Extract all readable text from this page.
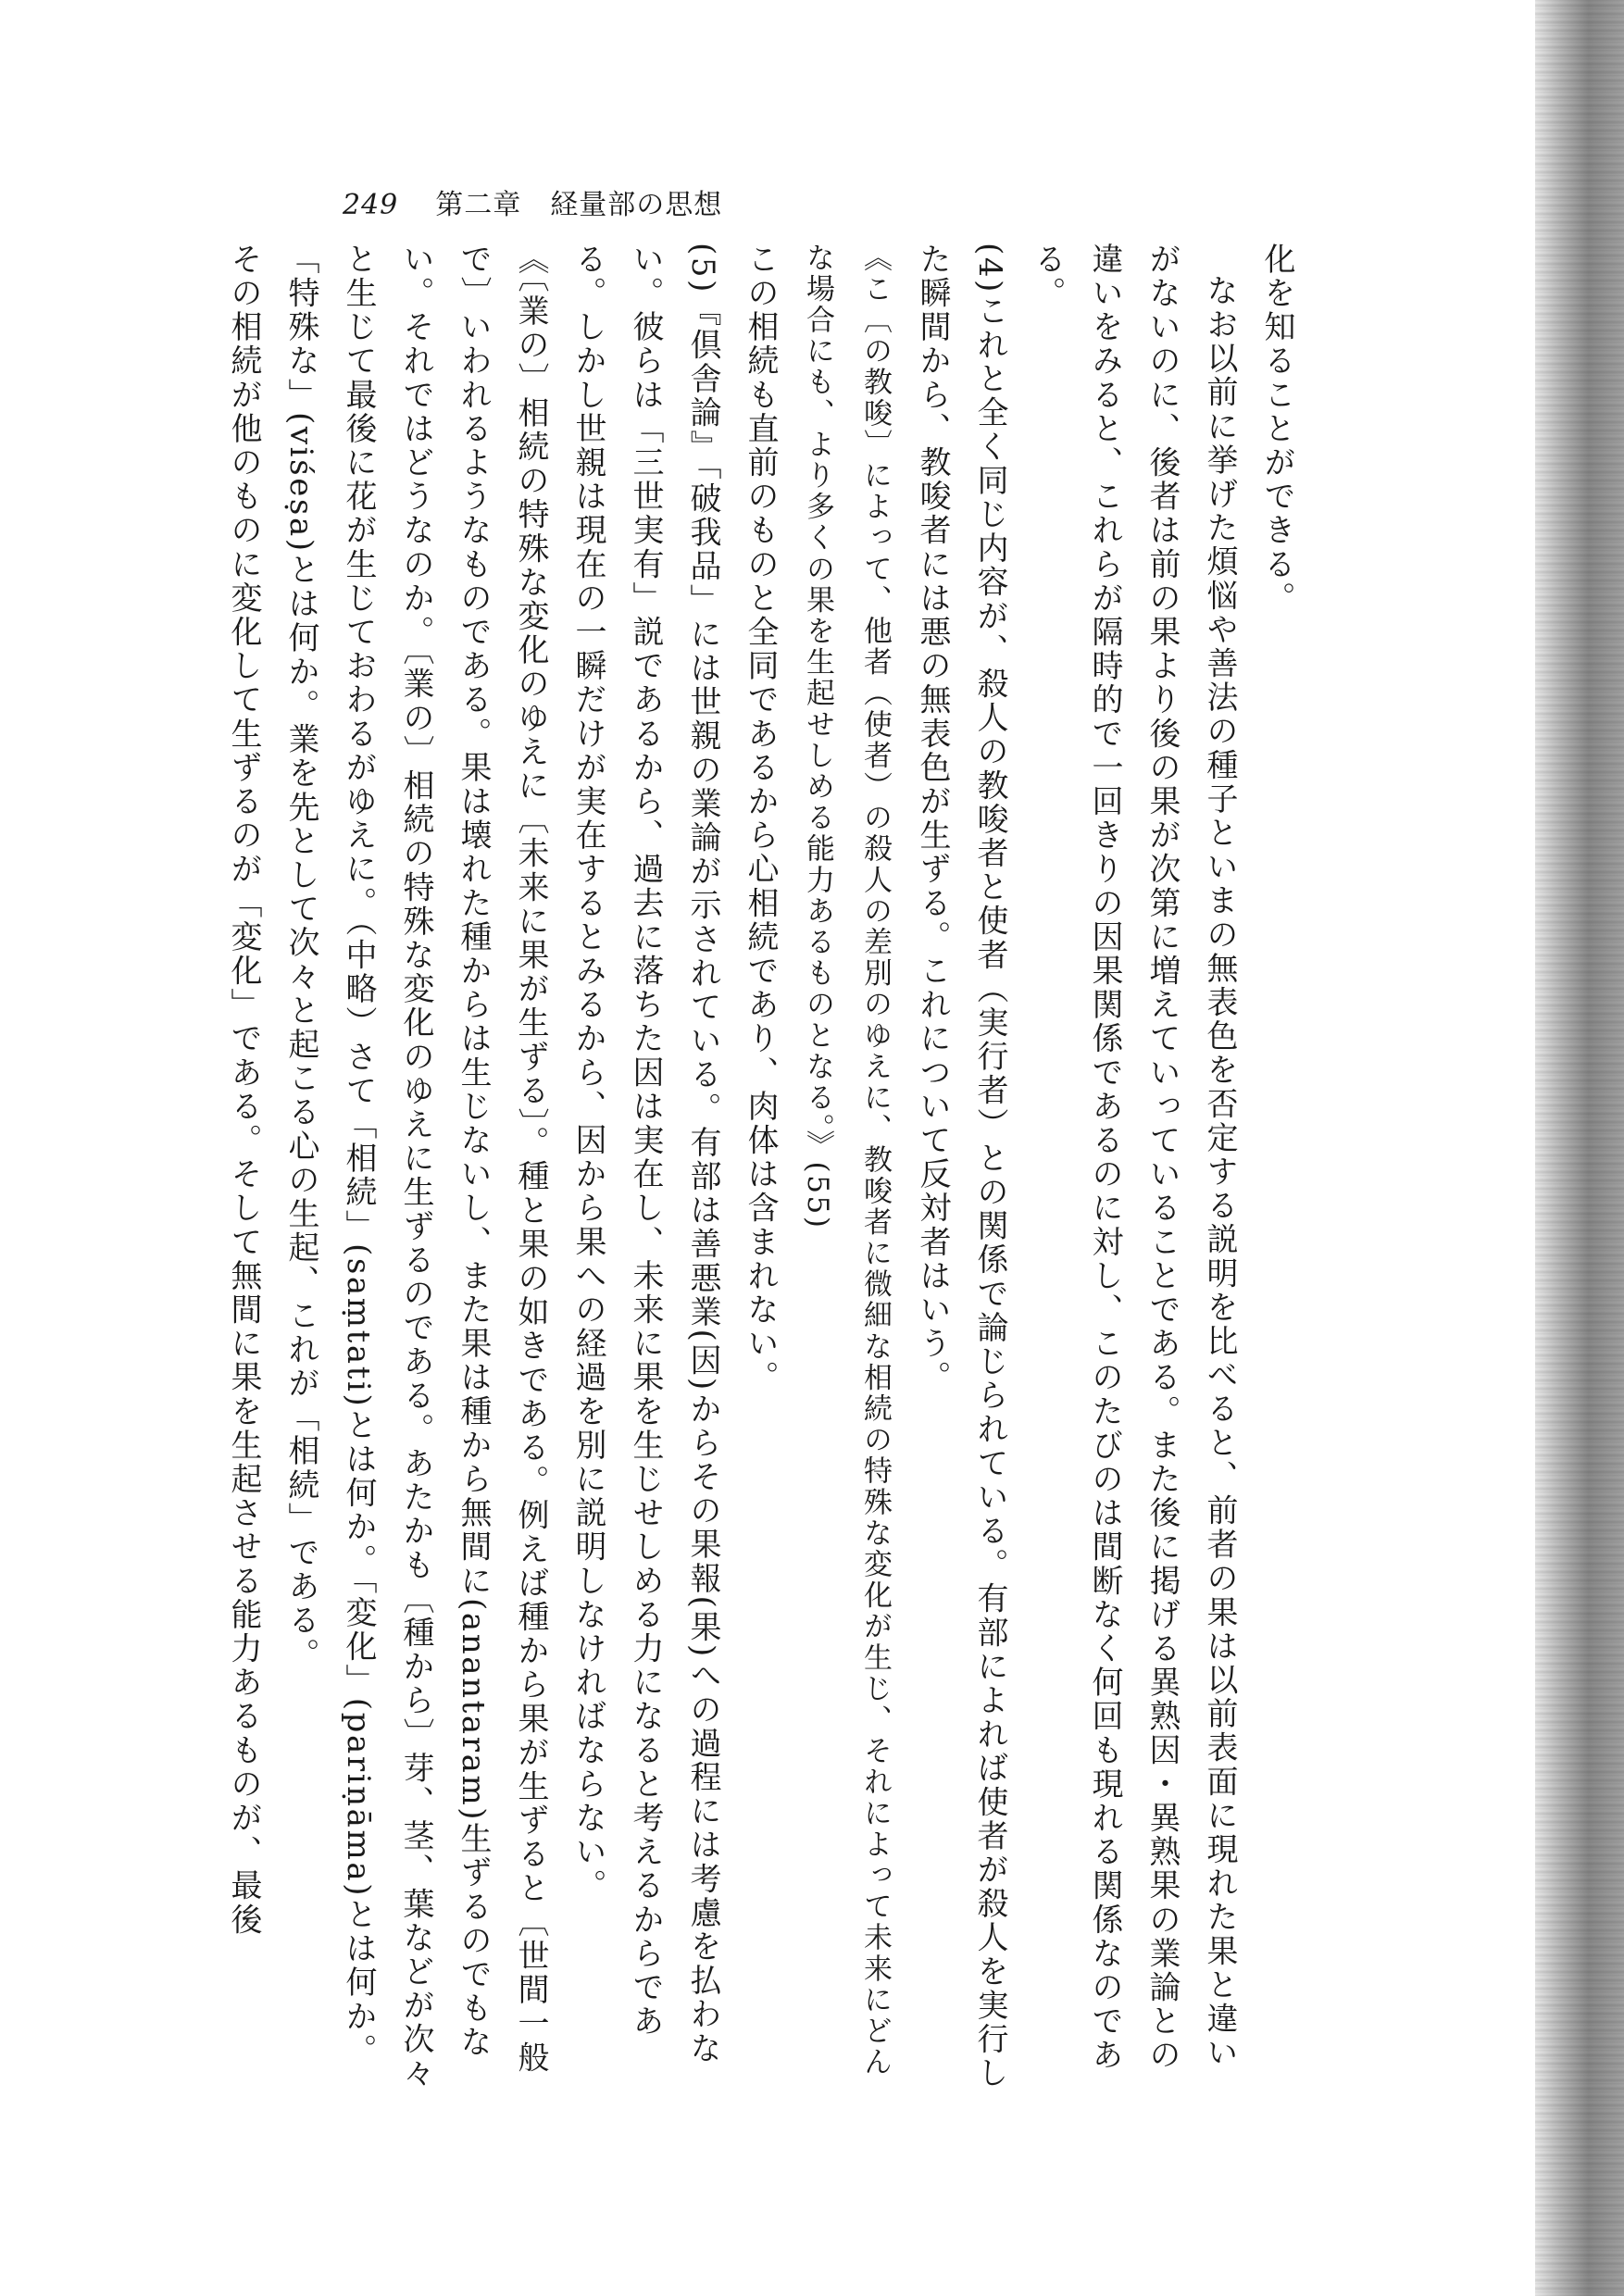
249 第二章　経量部の思想

化を知ることができる。

なお以前に挙げた煩悩や善法の種子といまの無表色を否定する説明を比べると、前者の果は以前表面に現れた果と違いがないのに、後者は前の果より後の果が次第に増えていっていることである。また後に掲げる異熟因・異熟果の業論との違いをみると、これらが隔時的で一回きりの因果関係であるのに対し、このたびのは間断なく何回も現れる関係なのである。

(4)これと全く同じ内容が、殺人の教唆者と使者（実行者）との関係で論じられている。有部によれば使者が殺人を実行した瞬間から、教唆者には悪の無表色が生ずる。これについて反対者はいう。

《こ〔の教唆〕によって、他者（使者）の殺人の差別のゆえに、教唆者に微細な相続の特殊な変化が生じ、それによって未来にどんな場合にも、より多くの果を生起せしめる能力あるものとなる。》(55)

この相続も直前のものと全同であるから心相続であり、肉体は含まれない。

(5)『倶舎論』「破我品」には世親の業論が示されている。有部は善悪業(因)からその果報(果)への過程には考慮を払わない。彼らは「三世実有」説であるから、過去に落ちた因は実在し、未来に果を生じせしめる力になると考えるからである。しかし世親は現在の一瞬だけが実在するとみるから、因から果への経過を別に説明しなければならない。

《〔業の〕相続の特殊な変化のゆえに〔未来に果が生ずる〕。種と果の如きである。例えば種から果が生ずると〔世間一般で〕いわれるようなものである。果は壊れた種からは生じないし、また果は種から無間に(anantaram)生ずるのでもない。それではどうなのか。〔業の〕相続の特殊な変化のゆえに生ずるのである。あたかも〔種から〕芽、茎、葉などが次々と生じて最後に花が生じておわるがゆえに。（中略）さて「相続」(saṃtati)とは何か。「変化」(pariṇāma)とは何か。「特殊な」(viśeṣa)とは何か。業を先として次々と起こる心の生起、これが「相続」である。

その相続が他のものに変化して生ずるのが「変化」である。そして無間に果を生起させる能力あるものが、最後
